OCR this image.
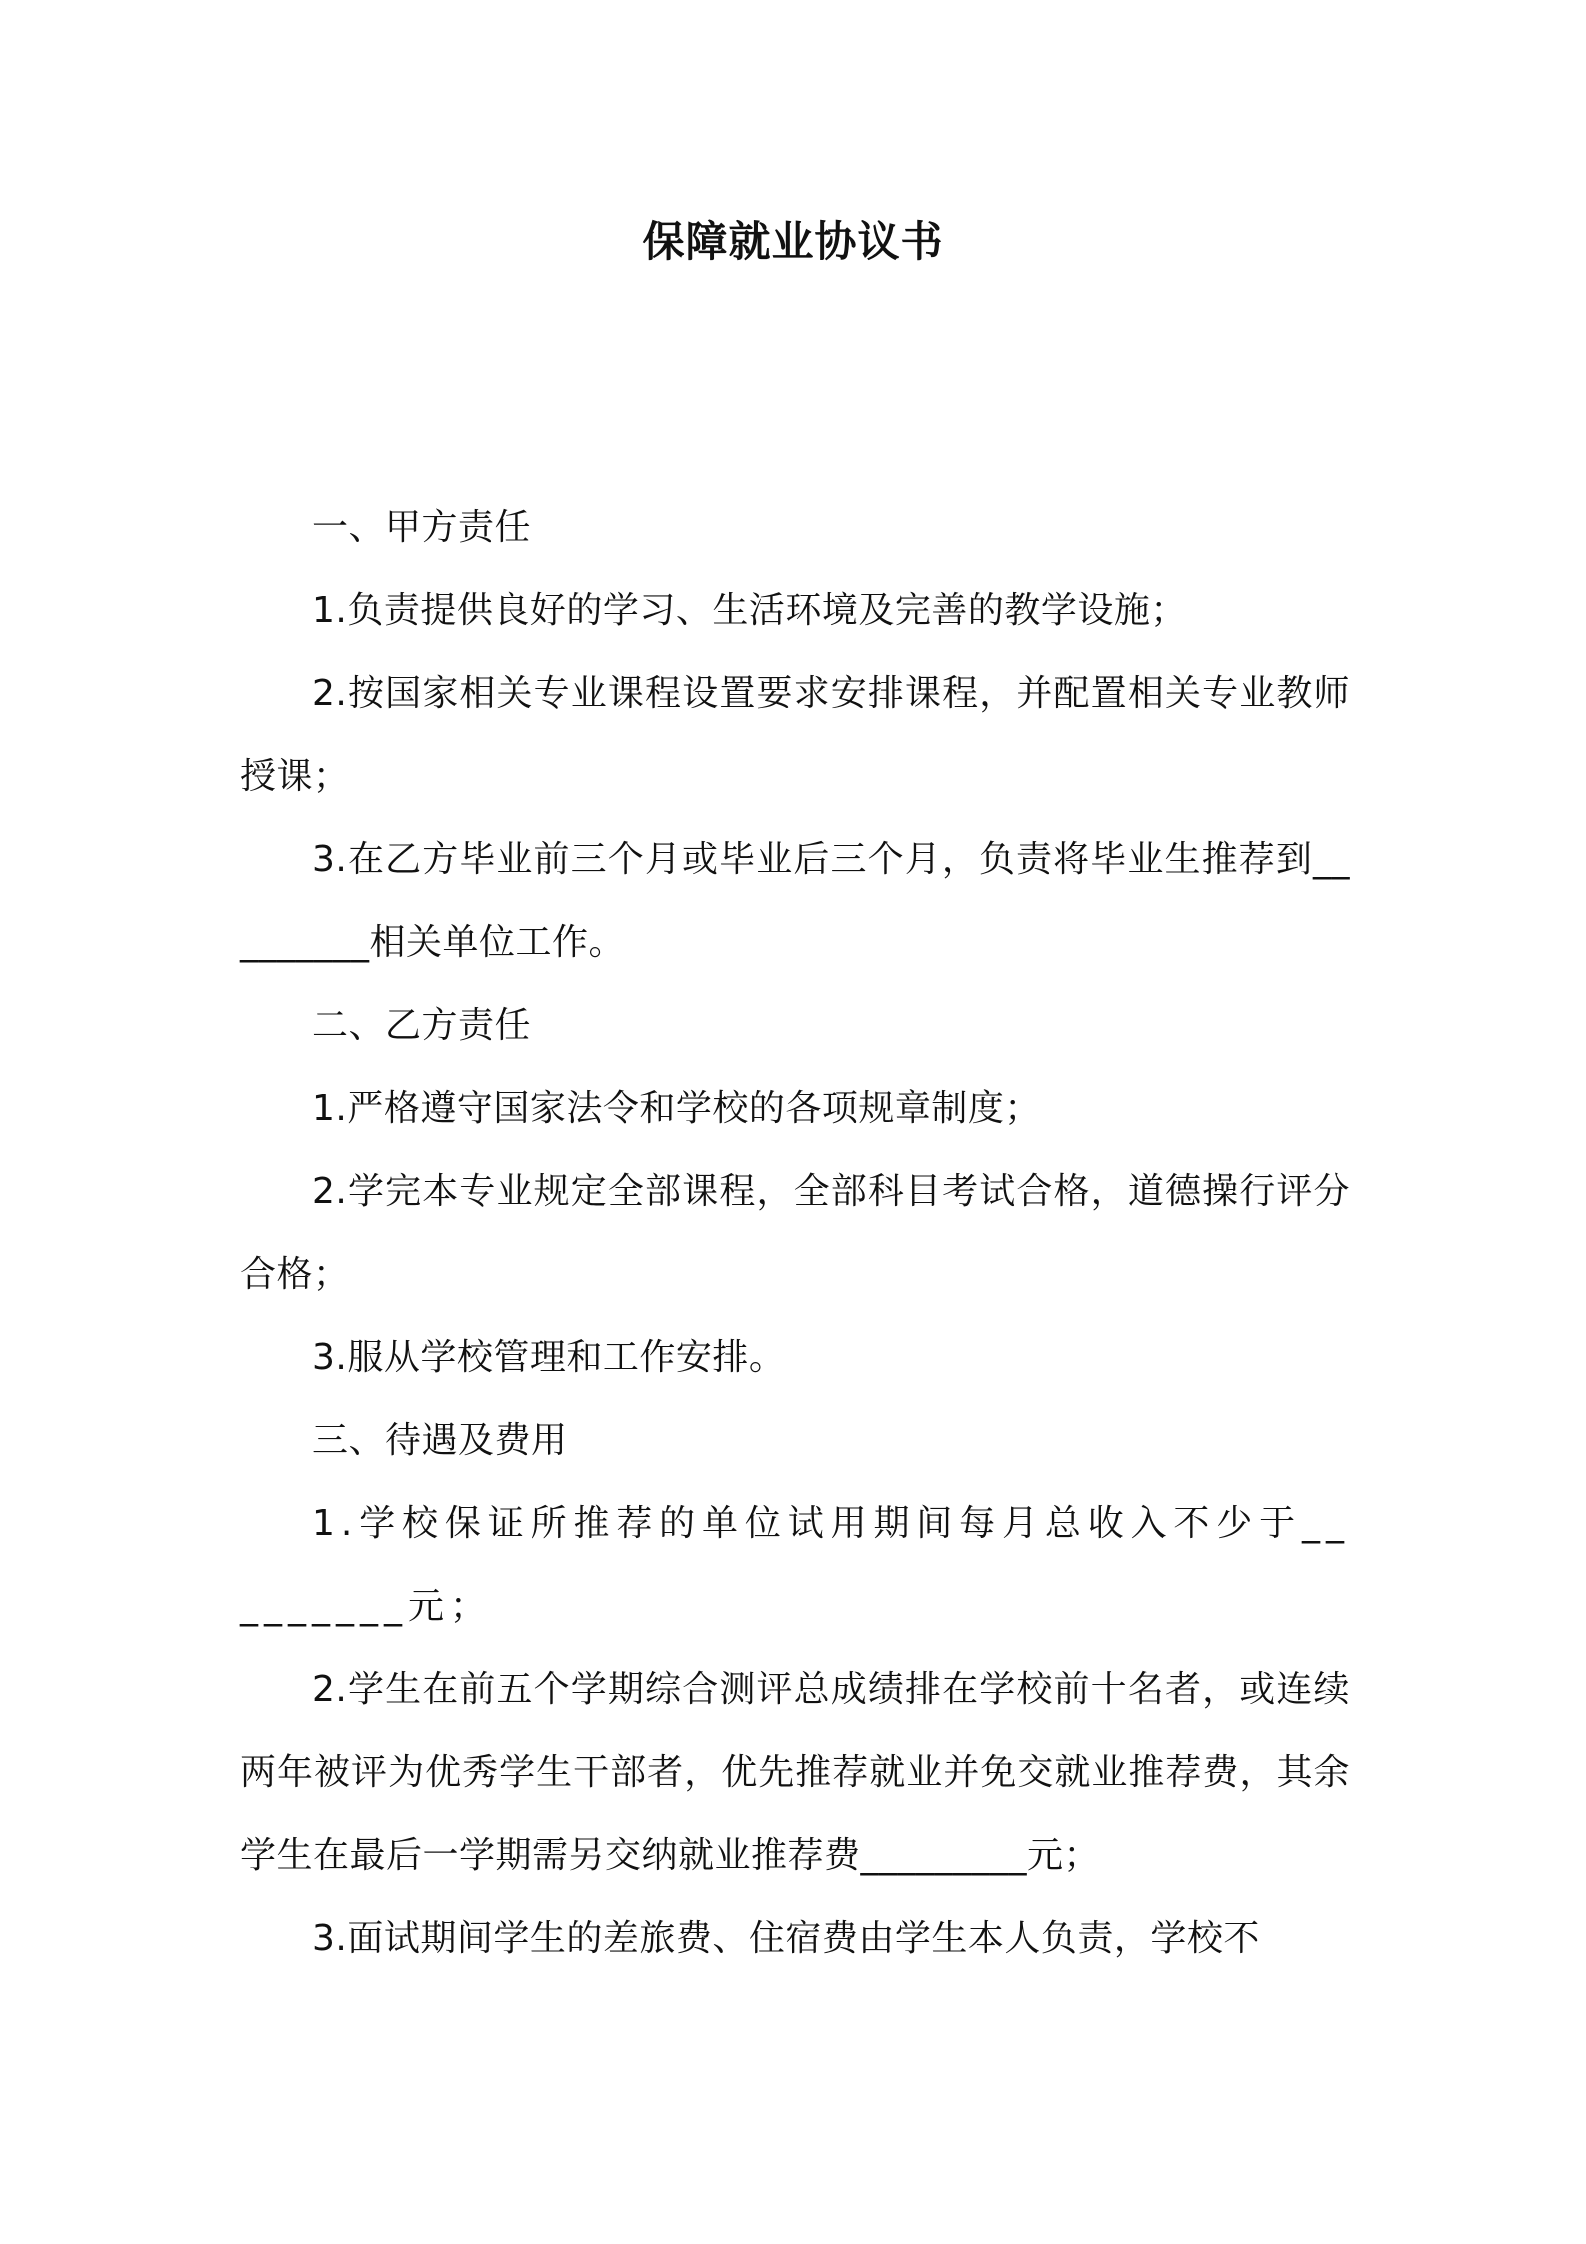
保障就业协议书

一、甲方责任

1.负责提供良好的学习、生活环境及完善的教学设施；

2.按国家相关专业课程设置要求安排课程，并配置相关专业教师授课；

3.在乙方毕业前三个月或毕业后三个月，负责将毕业生推荐到_________相关单位工作。

二、乙方责任

1.严格遵守国家法令和学校的各项规章制度；

2.学完本专业规定全部课程，全部科目考试合格，道德操行评分合格；

3.服从学校管理和工作安排。

三、待遇及费用

1.学校保证所推荐的单位试用期间每月总收入不少于_________元；

2.学生在前五个学期综合测评总成绩排在学校前十名者，或连续两年被评为优秀学生干部者，优先推荐就业并免交就业推荐费，其余学生在最后一学期需另交纳就业推荐费_________元；

3.面试期间学生的差旅费、住宿费由学生本人负责，学校不
